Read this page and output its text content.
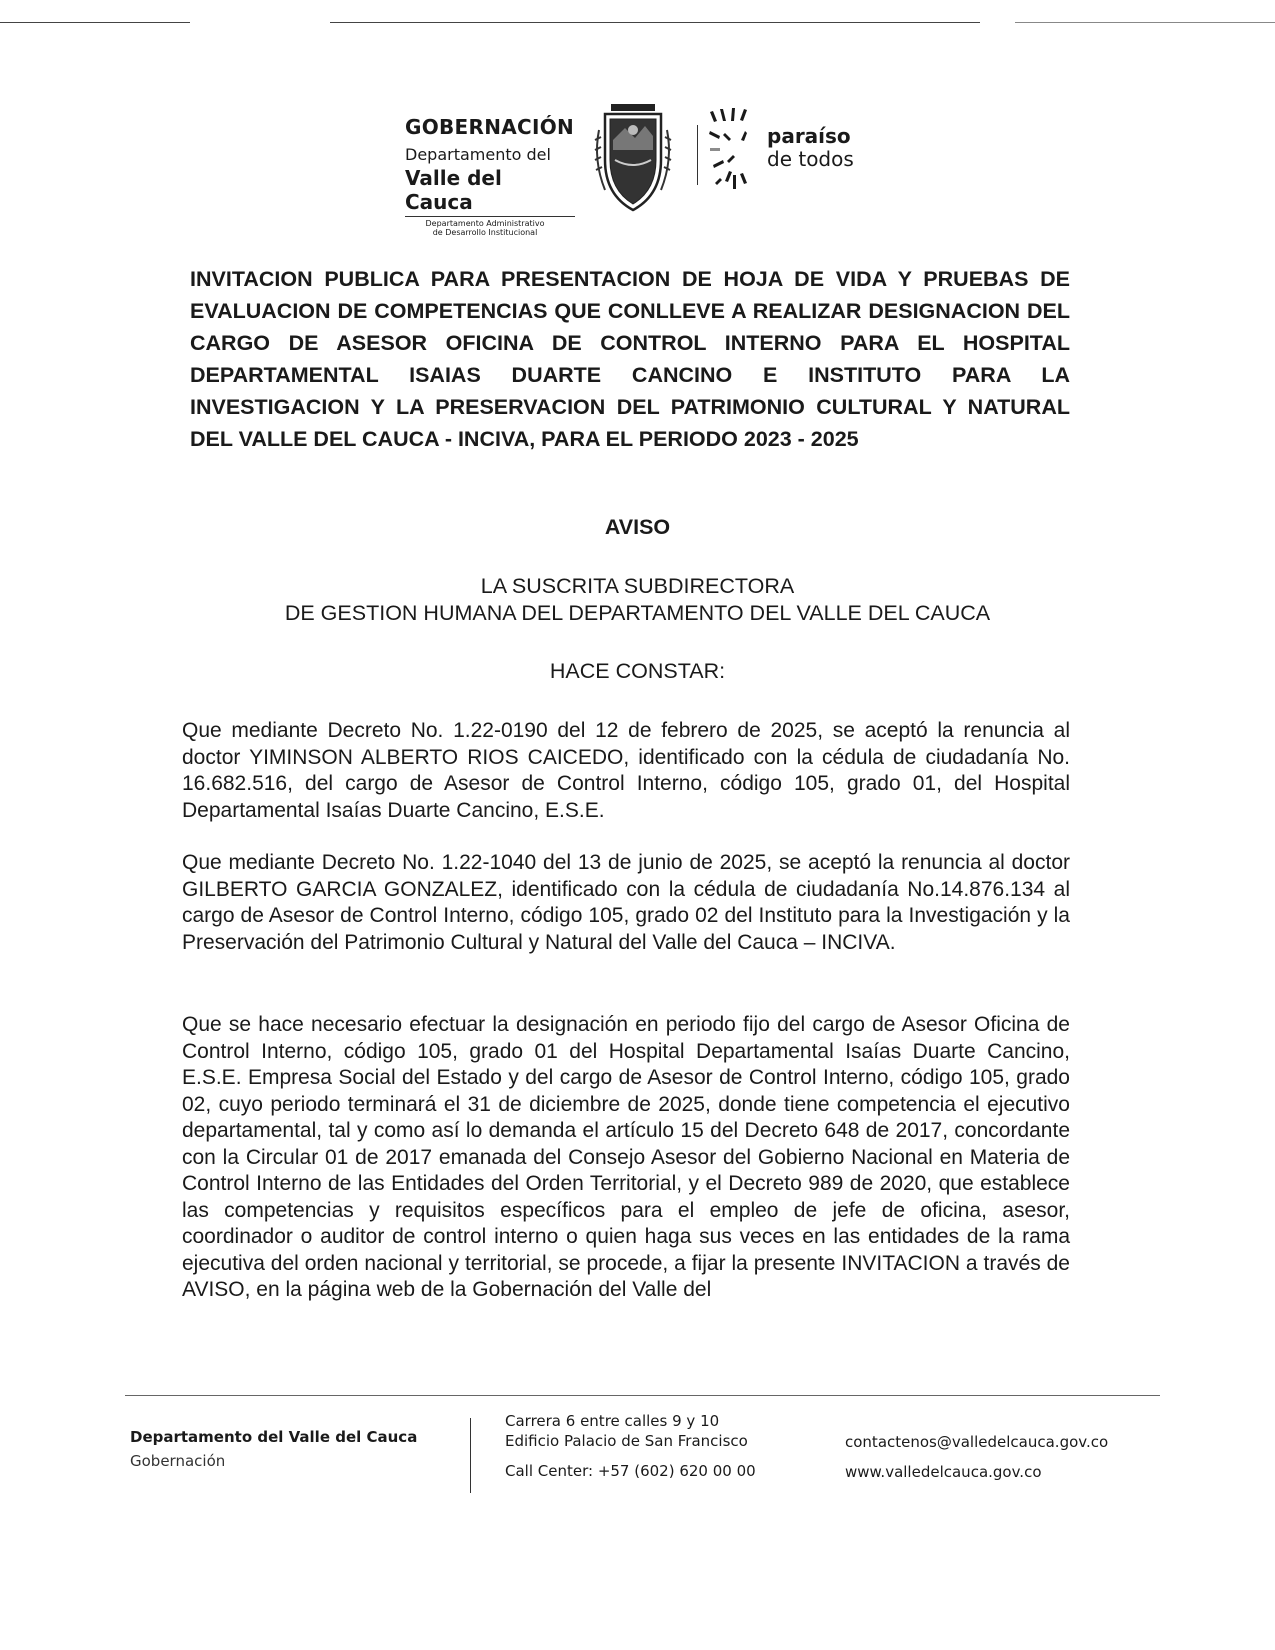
GOBERNACIÓN
Departamento del
Valle del Cauca
Departamento Administrativo
de Desarrollo Institucional
paraíso
de todos
INVITACION PUBLICA PARA PRESENTACION DE HOJA DE VIDA Y PRUEBAS DE EVALUACION DE COMPETENCIAS QUE CONLLEVE A REALIZAR DESIGNACION DEL CARGO DE ASESOR OFICINA DE CONTROL INTERNO PARA EL HOSPITAL DEPARTAMENTAL ISAIAS DUARTE CANCINO E INSTITUTO PARA LA INVESTIGACION Y LA PRESERVACION DEL PATRIMONIO CULTURAL Y NATURAL DEL VALLE DEL CAUCA - INCIVA, PARA EL PERIODO 2023 - 2025
AVISO
LA SUSCRITA SUBDIRECTORA
DE GESTION HUMANA DEL DEPARTAMENTO DEL VALLE DEL CAUCA
HACE CONSTAR:
Que mediante Decreto No. 1.22-0190 del 12 de febrero de 2025, se aceptó la renuncia al doctor YIMINSON ALBERTO RIOS CAICEDO, identificado con la cédula de ciudadanía No. 16.682.516, del cargo de Asesor de Control Interno, código 105, grado 01, del Hospital Departamental Isaías Duarte Cancino, E.S.E.
Que mediante Decreto No. 1.22-1040 del 13 de junio de 2025, se aceptó la renuncia al doctor GILBERTO GARCIA GONZALEZ, identificado con la cédula de ciudadanía No.14.876.134 al cargo de Asesor de Control Interno, código 105, grado 02 del Instituto para la Investigación y la Preservación del Patrimonio Cultural y Natural del Valle del Cauca – INCIVA.
Que se hace necesario efectuar la designación en periodo fijo del cargo de Asesor Oficina de Control Interno, código 105, grado 01 del Hospital Departamental Isaías Duarte Cancino, E.S.E. Empresa Social del Estado y del cargo de Asesor de Control Interno, código 105, grado 02, cuyo periodo terminará el 31 de diciembre de 2025, donde tiene competencia el ejecutivo departamental, tal y como así lo demanda el artículo 15 del Decreto 648 de 2017, concordante con la Circular 01 de 2017 emanada del Consejo Asesor del Gobierno Nacional en Materia de Control Interno de las Entidades del Orden Territorial, y el Decreto 989 de 2020, que establece las competencias y requisitos específicos para el empleo de jefe de oficina, asesor, coordinador o auditor de control interno o quien haga sus veces en las entidades de la rama ejecutiva del orden nacional y territorial, se procede, a fijar la presente INVITACION a través de AVISO, en la página web de la Gobernación del Valle del
Departamento del Valle del Cauca
Gobernación
Carrera 6 entre calles 9 y 10
Edificio Palacio de San Francisco
Call Center: +57 (602) 620 00 00
contactenos@valledelcauca.gov.co
www.valledelcauca.gov.co
